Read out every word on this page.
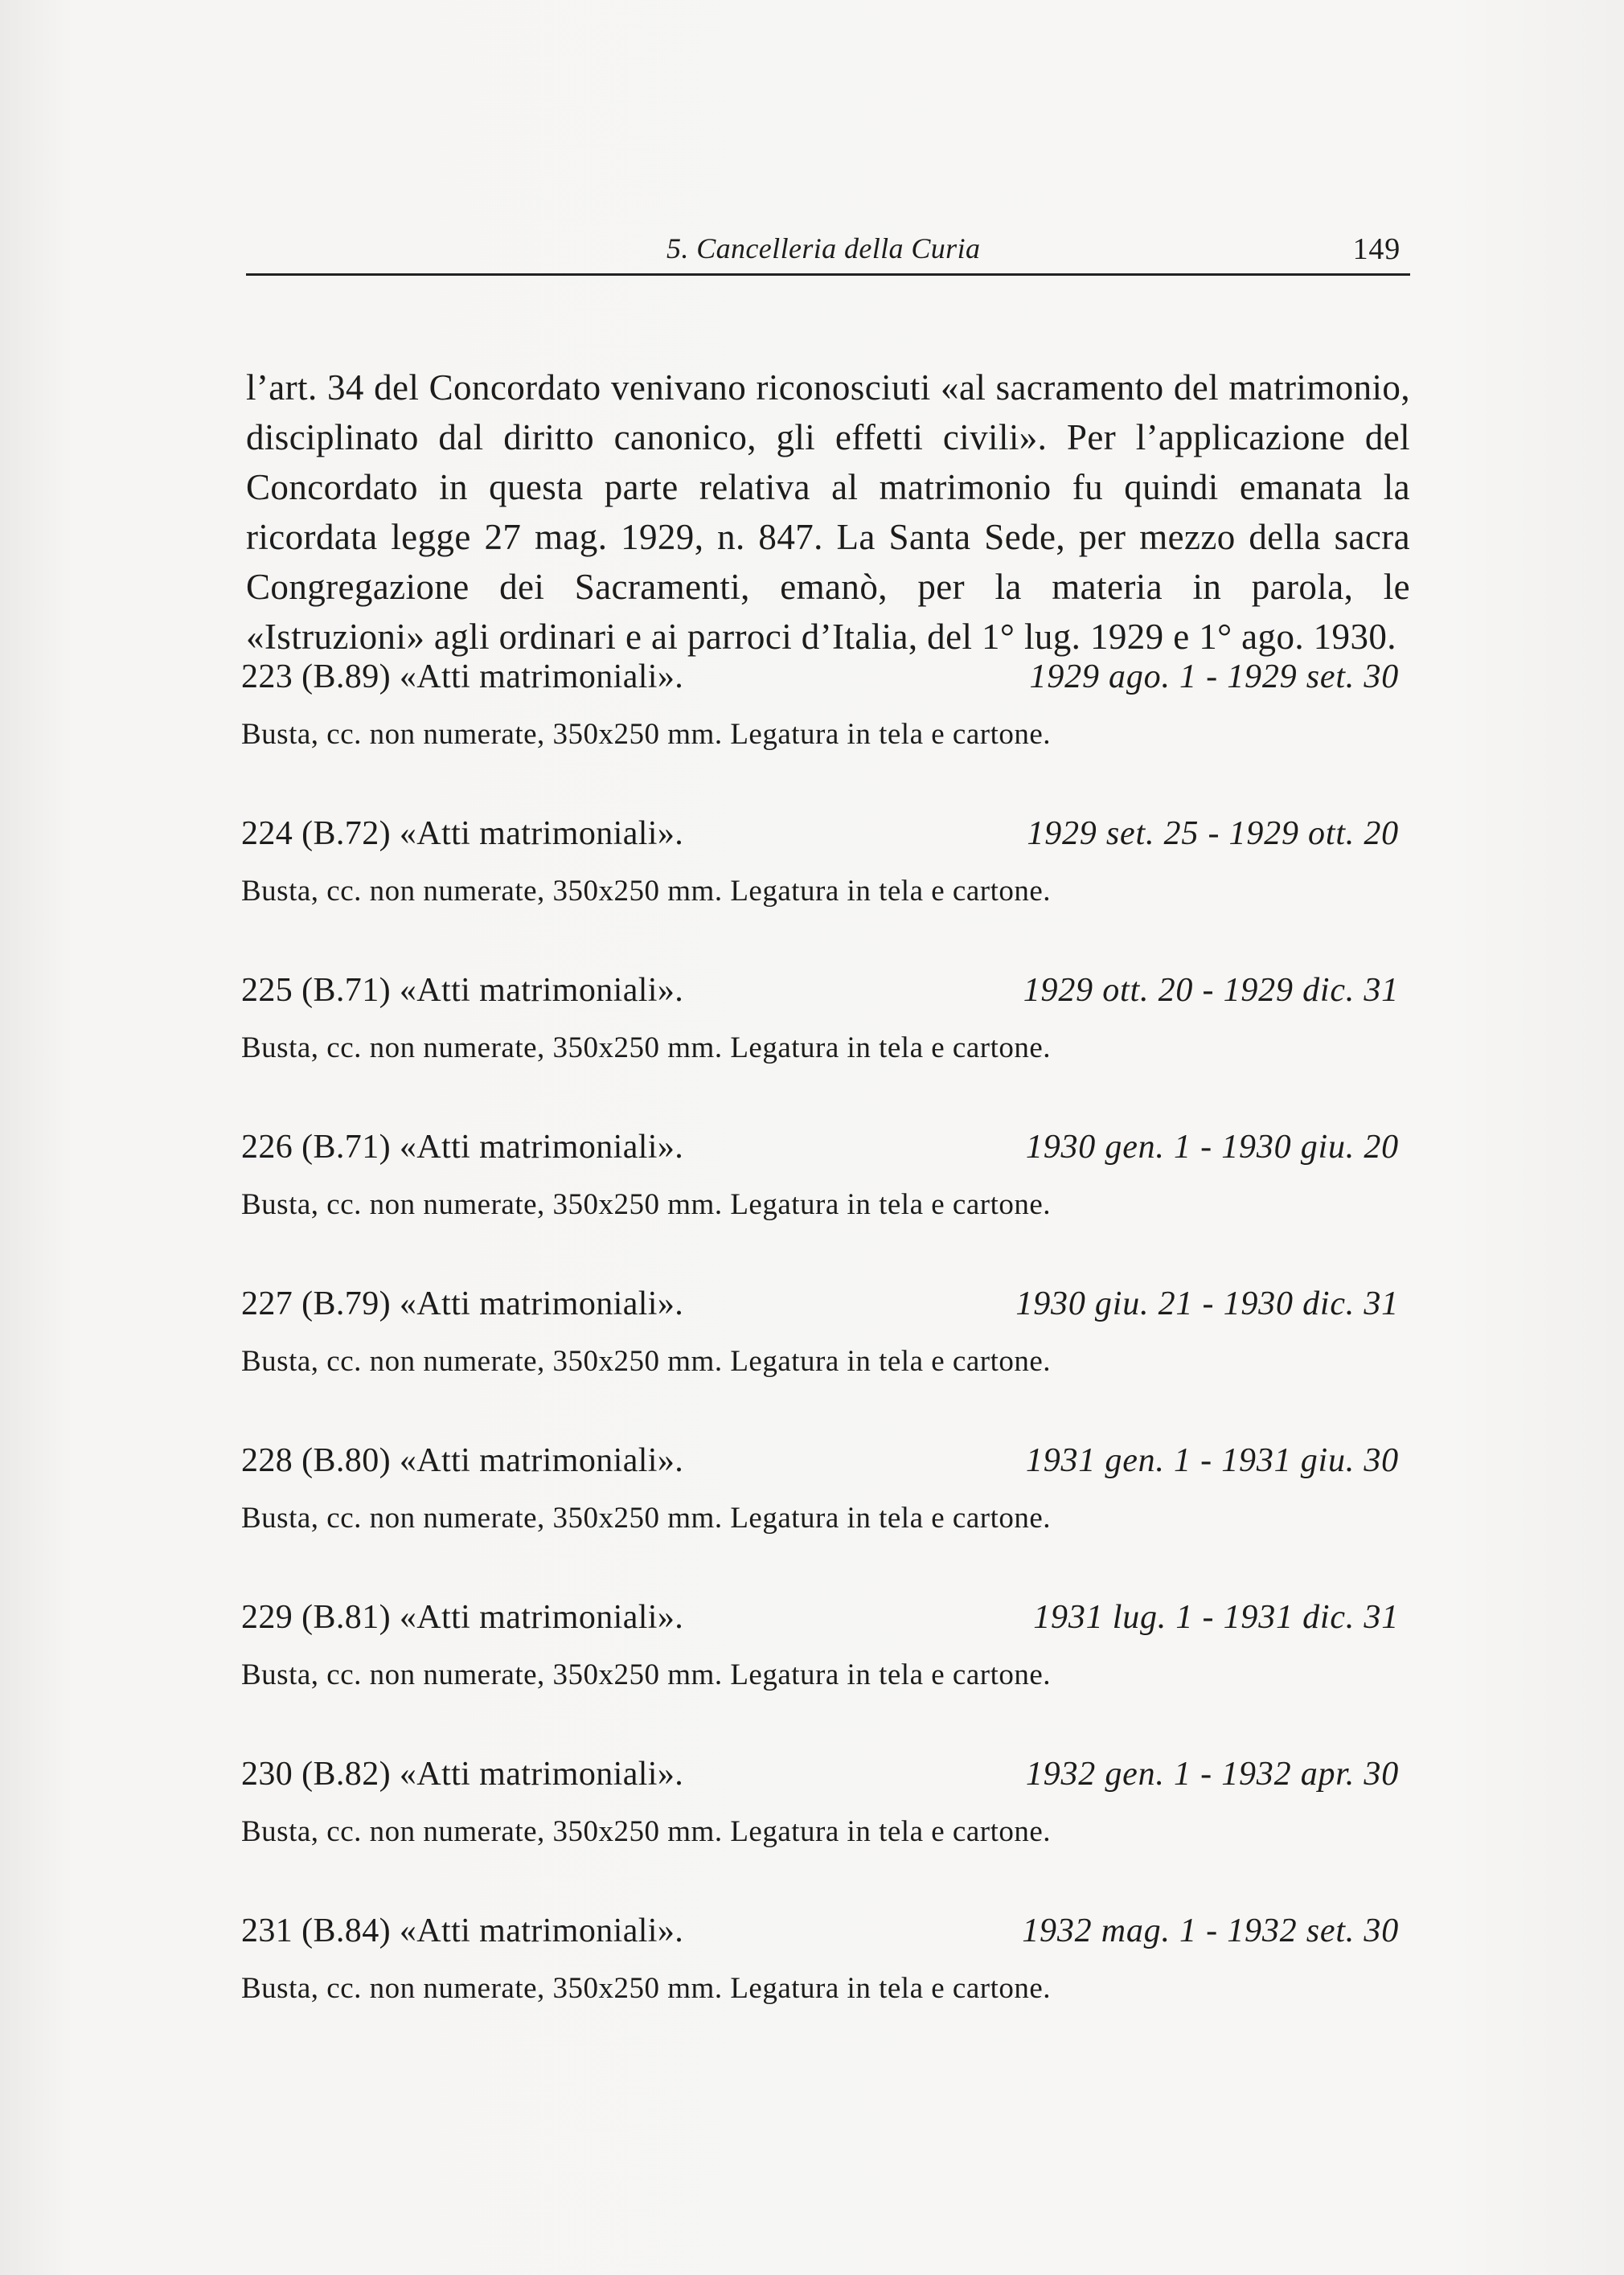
5. Cancelleria della Curia	149

l’art. 34 del Concordato venivano riconosciuti «al sacramento del matrimonio, disciplinato dal diritto canonico, gli effetti civili». Per l’applicazione del Concordato in questa parte relativa al matrimonio fu quindi emanata la ricordata legge 27 mag. 1929, n. 847. La Santa Sede, per mezzo della sacra Congregazione dei Sacramenti, emanò, per la materia in parola, le «Istruzioni» agli ordinari e ai parroci d’Italia, del 1° lug. 1929 e 1° ago. 1930.

223 (B.89) «Atti matrimoniali».	1929 ago. 1 - 1929 set. 30
Busta, cc. non numerate, 350x250 mm. Legatura in tela e cartone.
224 (B.72) «Atti matrimoniali».	1929 set. 25 - 1929 ott. 20
Busta, cc. non numerate, 350x250 mm. Legatura in tela e cartone.
225 (B.71) «Atti matrimoniali».	1929 ott. 20 - 1929 dic. 31
Busta, cc. non numerate, 350x250 mm. Legatura in tela e cartone.
226 (B.71) «Atti matrimoniali».	1930 gen. 1 - 1930 giu. 20
Busta, cc. non numerate, 350x250 mm. Legatura in tela e cartone.
227 (B.79) «Atti matrimoniali».	1930 giu. 21 - 1930 dic. 31
Busta, cc. non numerate, 350x250 mm. Legatura in tela e cartone.
228 (B.80) «Atti matrimoniali».	1931 gen. 1 - 1931 giu. 30
Busta, cc. non numerate, 350x250 mm. Legatura in tela e cartone.
229 (B.81) «Atti matrimoniali».	1931 lug. 1 - 1931 dic. 31
Busta, cc. non numerate, 350x250 mm. Legatura in tela e cartone.
230 (B.82) «Atti matrimoniali».	1932 gen. 1 - 1932 apr. 30
Busta, cc. non numerate, 350x250 mm. Legatura in tela e cartone.
231 (B.84) «Atti matrimoniali».	1932 mag. 1 - 1932 set. 30
Busta, cc. non numerate, 350x250 mm. Legatura in tela e cartone.
